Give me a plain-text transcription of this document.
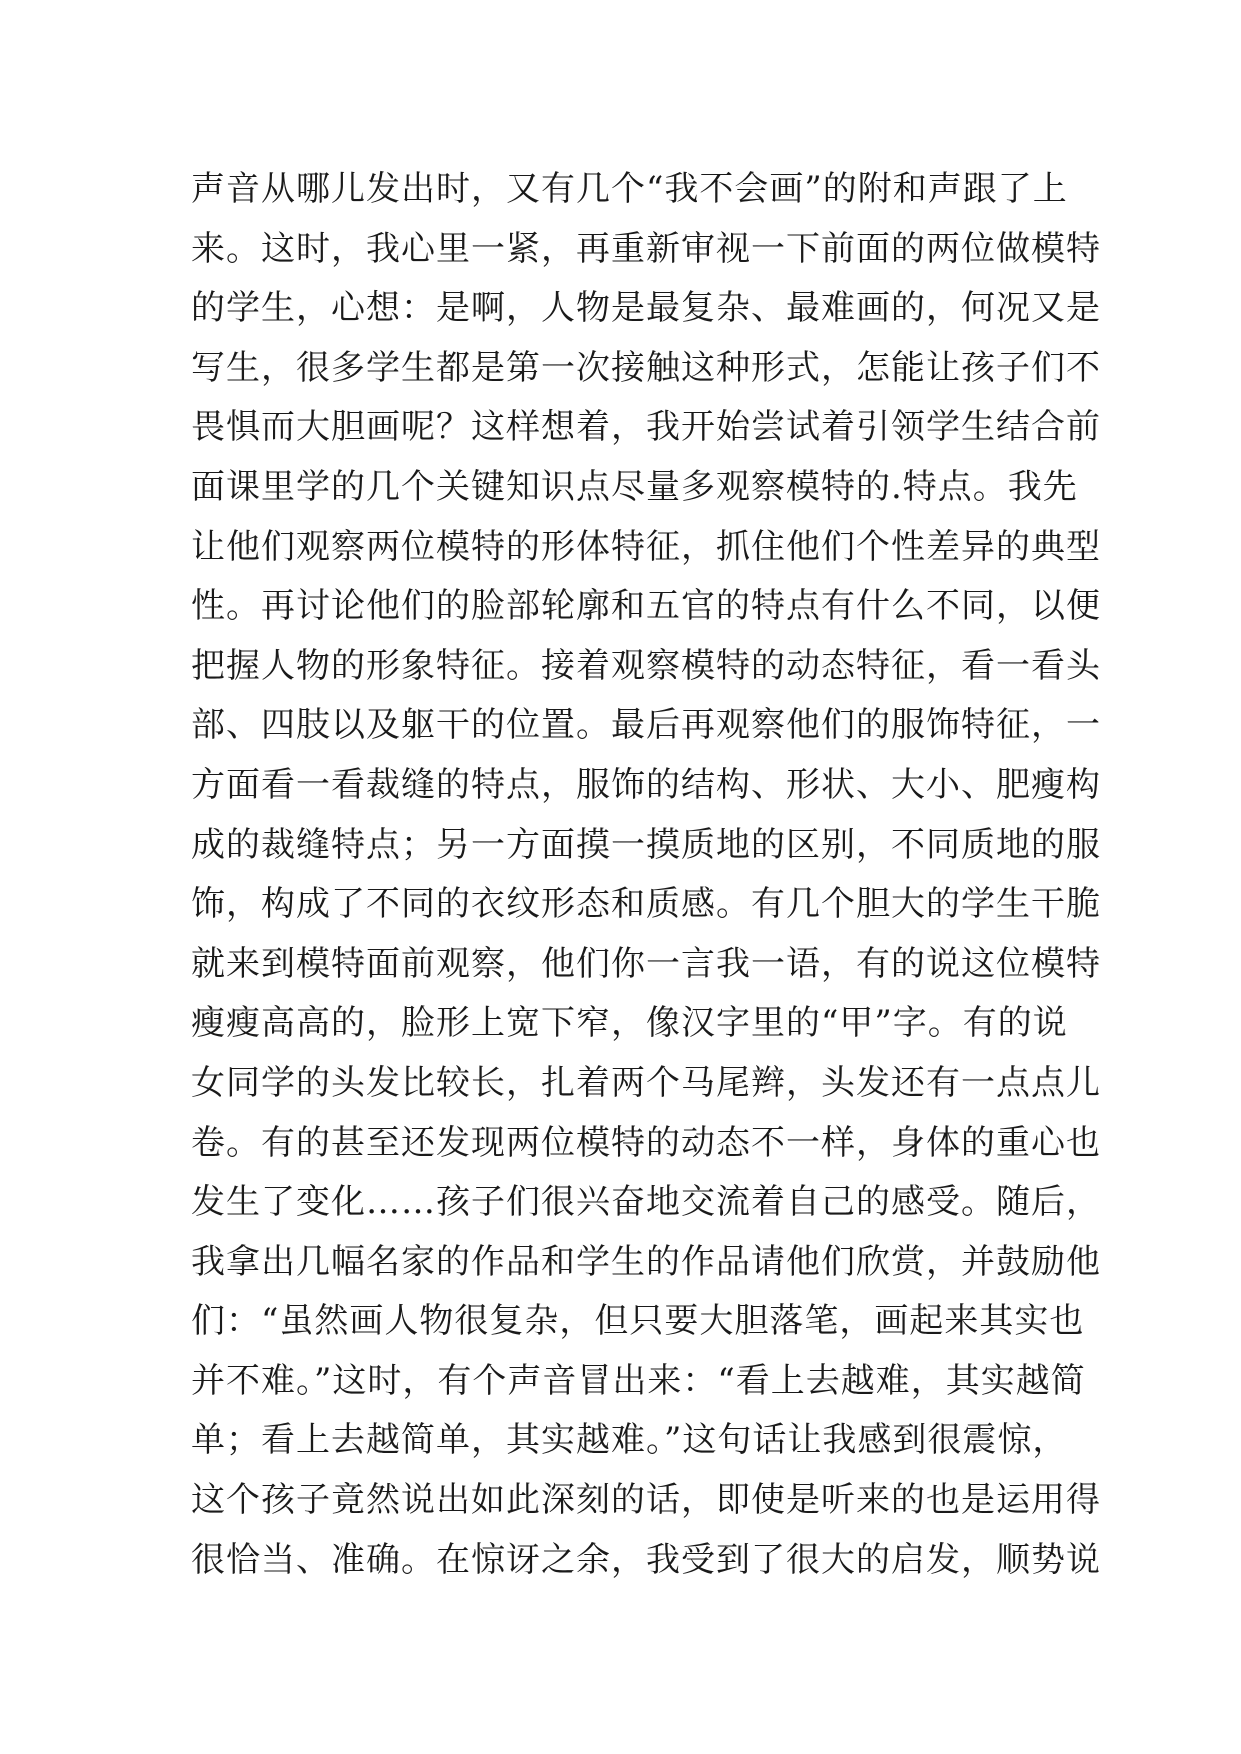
声音从哪儿发出时，又有几个“我不会画”的附和声跟了上
来。这时，我心里一紧，再重新审视一下前面的两位做模特
的学生，心想：是啊，人物是最复杂、最难画的，何况又是
写生，很多学生都是第一次接触这种形式，怎能让孩子们不
畏惧而大胆画呢？这样想着，我开始尝试着引领学生结合前
面课里学的几个关键知识点尽量多观察模特的.特点。我先
让他们观察两位模特的形体特征，抓住他们个性差异的典型
性。再讨论他们的脸部轮廓和五官的特点有什么不同，以便
把握人物的形象特征。接着观察模特的动态特征，看一看头
部、四肢以及躯干的位置。最后再观察他们的服饰特征，一
方面看一看裁缝的特点，服饰的结构、形状、大小、肥瘦构
成的裁缝特点；另一方面摸一摸质地的区别，不同质地的服
饰，构成了不同的衣纹形态和质感。有几个胆大的学生干脆
就来到模特面前观察，他们你一言我一语，有的说这位模特
瘦瘦高高的，脸形上宽下窄，像汉字里的“甲”字。有的说
女同学的头发比较长，扎着两个马尾辫，头发还有一点点儿
卷。有的甚至还发现两位模特的动态不一样，身体的重心也
发生了变化……孩子们很兴奋地交流着自己的感受。随后，
我拿出几幅名家的作品和学生的作品请他们欣赏，并鼓励他
们：“虽然画人物很复杂，但只要大胆落笔，画起来其实也
并不难。”这时，有个声音冒出来：“看上去越难，其实越简
单；看上去越简单，其实越难。”这句话让我感到很震惊，
这个孩子竟然说出如此深刻的话，即使是听来的也是运用得
很恰当、准确。在惊讶之余，我受到了很大的启发，顺势说
